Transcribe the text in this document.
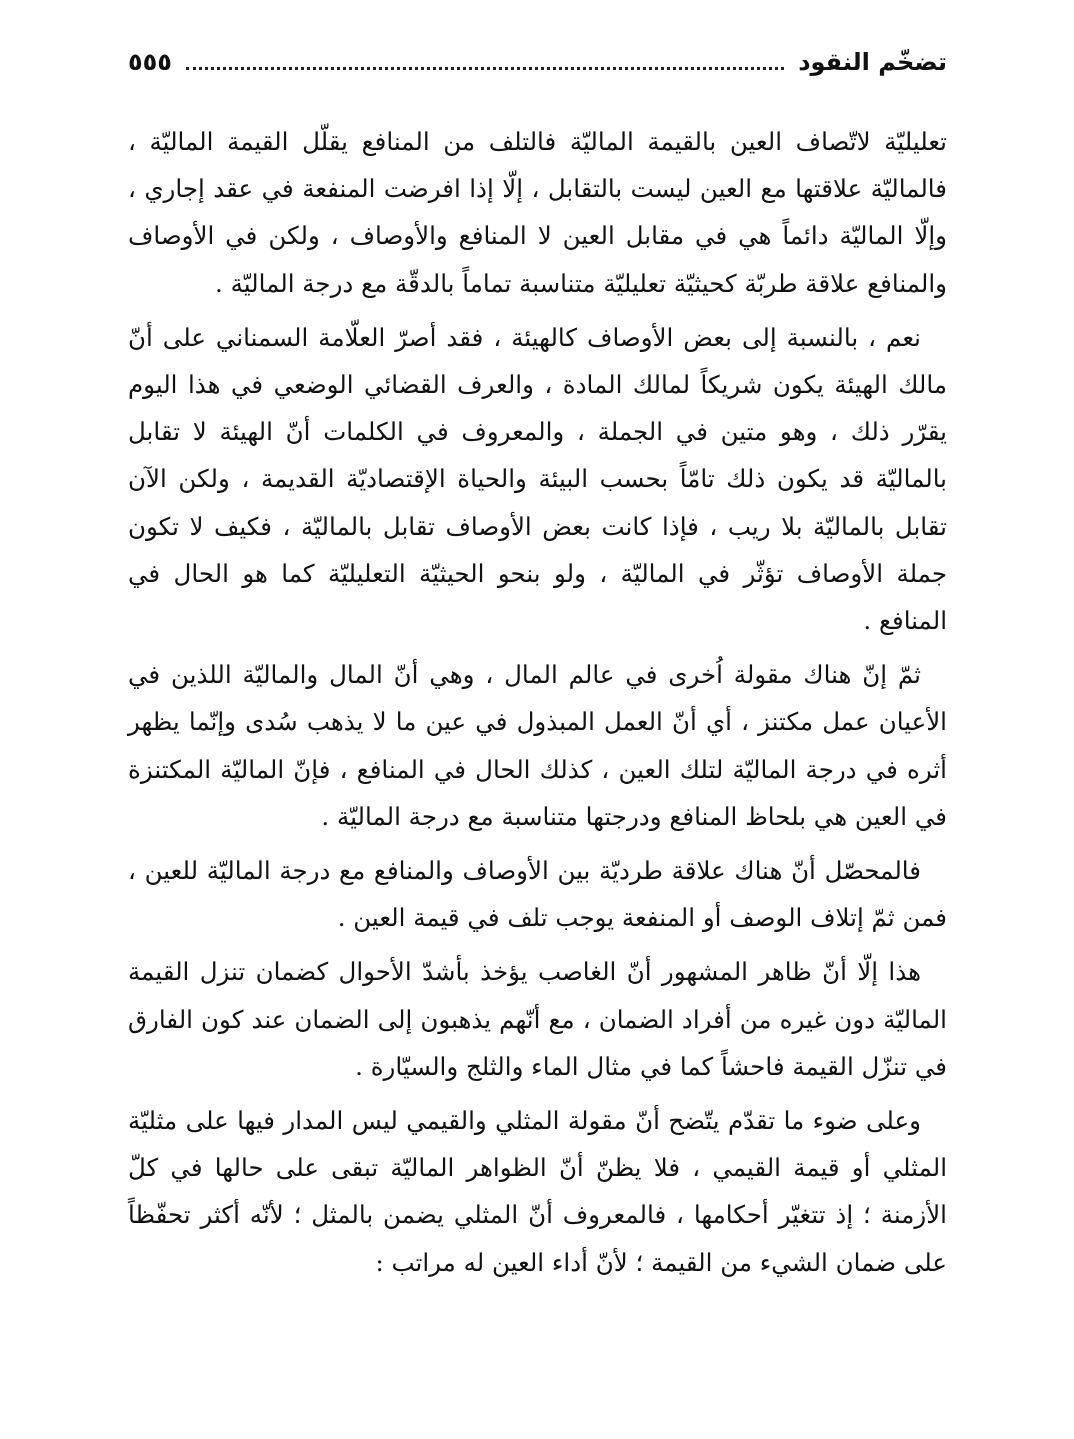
تضخّم النقود
٥٥٥

تعليليّة لاتّصاف العين بالقيمة الماليّة فالتلف من المنافع يقلّل القيمة الماليّة ، فالماليّة علاقتها مع العين ليست بالتقابل ، إلّا إذا افرضت المنفعة في عقد إجاري ، وإلّا الماليّة دائماً هي في مقابل العين لا المنافع والأوصاف ، ولكن في الأوصاف والمنافع علاقة طربّة كحيثيّة تعليليّة متناسبة تماماً بالدقّة مع درجة الماليّة .

نعم ، بالنسبة إلى بعض الأوصاف كالهيئة ، فقد أصرّ العلّامة السمناني على أنّ مالك الهيئة يكون شريكاً لمالك المادة ، والعرف القضائي الوضعي في هذا اليوم يقرّر ذلك ، وهو متين في الجملة ، والمعروف في الكلمات أنّ الهيئة لا تقابل بالماليّة قد يكون ذلك تامّاً بحسب البيئة والحياة الإقتصاديّة القديمة ، ولكن الآن تقابل بالماليّة بلا ريب ، فإذا كانت بعض الأوصاف تقابل بالماليّة ، فكيف لا تكون جملة الأوصاف تؤثّر في الماليّة ، ولو بنحو الحيثيّة التعليليّة كما هو الحال في المنافع .

ثمّ إنّ هناك مقولة اُخرى في عالم المال ، وهي أنّ المال والماليّة اللذين في الأعيان عمل مكتنز ، أي أنّ العمل المبذول في عين ما لا يذهب سُدى وإنّما يظهر أثره في درجة الماليّة لتلك العين ، كذلك الحال في المنافع ، فإنّ الماليّة المكتنزة في العين هي بلحاظ المنافع ودرجتها متناسبة مع درجة الماليّة .

فالمحصّل أنّ هناك علاقة طرديّة بين الأوصاف والمنافع مع درجة الماليّة للعين ، فمن ثمّ إتلاف الوصف أو المنفعة يوجب تلف في قيمة العين .

هذا إلّا أنّ ظاهر المشهور أنّ الغاصب يؤخذ بأشدّ الأحوال كضمان تنزل القيمة الماليّة دون غيره من أفراد الضمان ، مع أنّهم يذهبون إلى الضمان عند كون الفارق في تنزّل القيمة فاحشاً كما في مثال الماء والثلج والسيّارة .

وعلى ضوء ما تقدّم يتّضح أنّ مقولة المثلي والقيمي ليس المدار فيها على مثليّة المثلي أو قيمة القيمي ، فلا يظنّ أنّ الظواهر الماليّة تبقى على حالها في كلّ الأزمنة ؛ إذ تتغيّر أحكامها ، فالمعروف أنّ المثلي يضمن بالمثل ؛ لأنّه أكثر تحفّظاً على ضمان الشيء من القيمة ؛ لأنّ أداء العين له مراتب :
